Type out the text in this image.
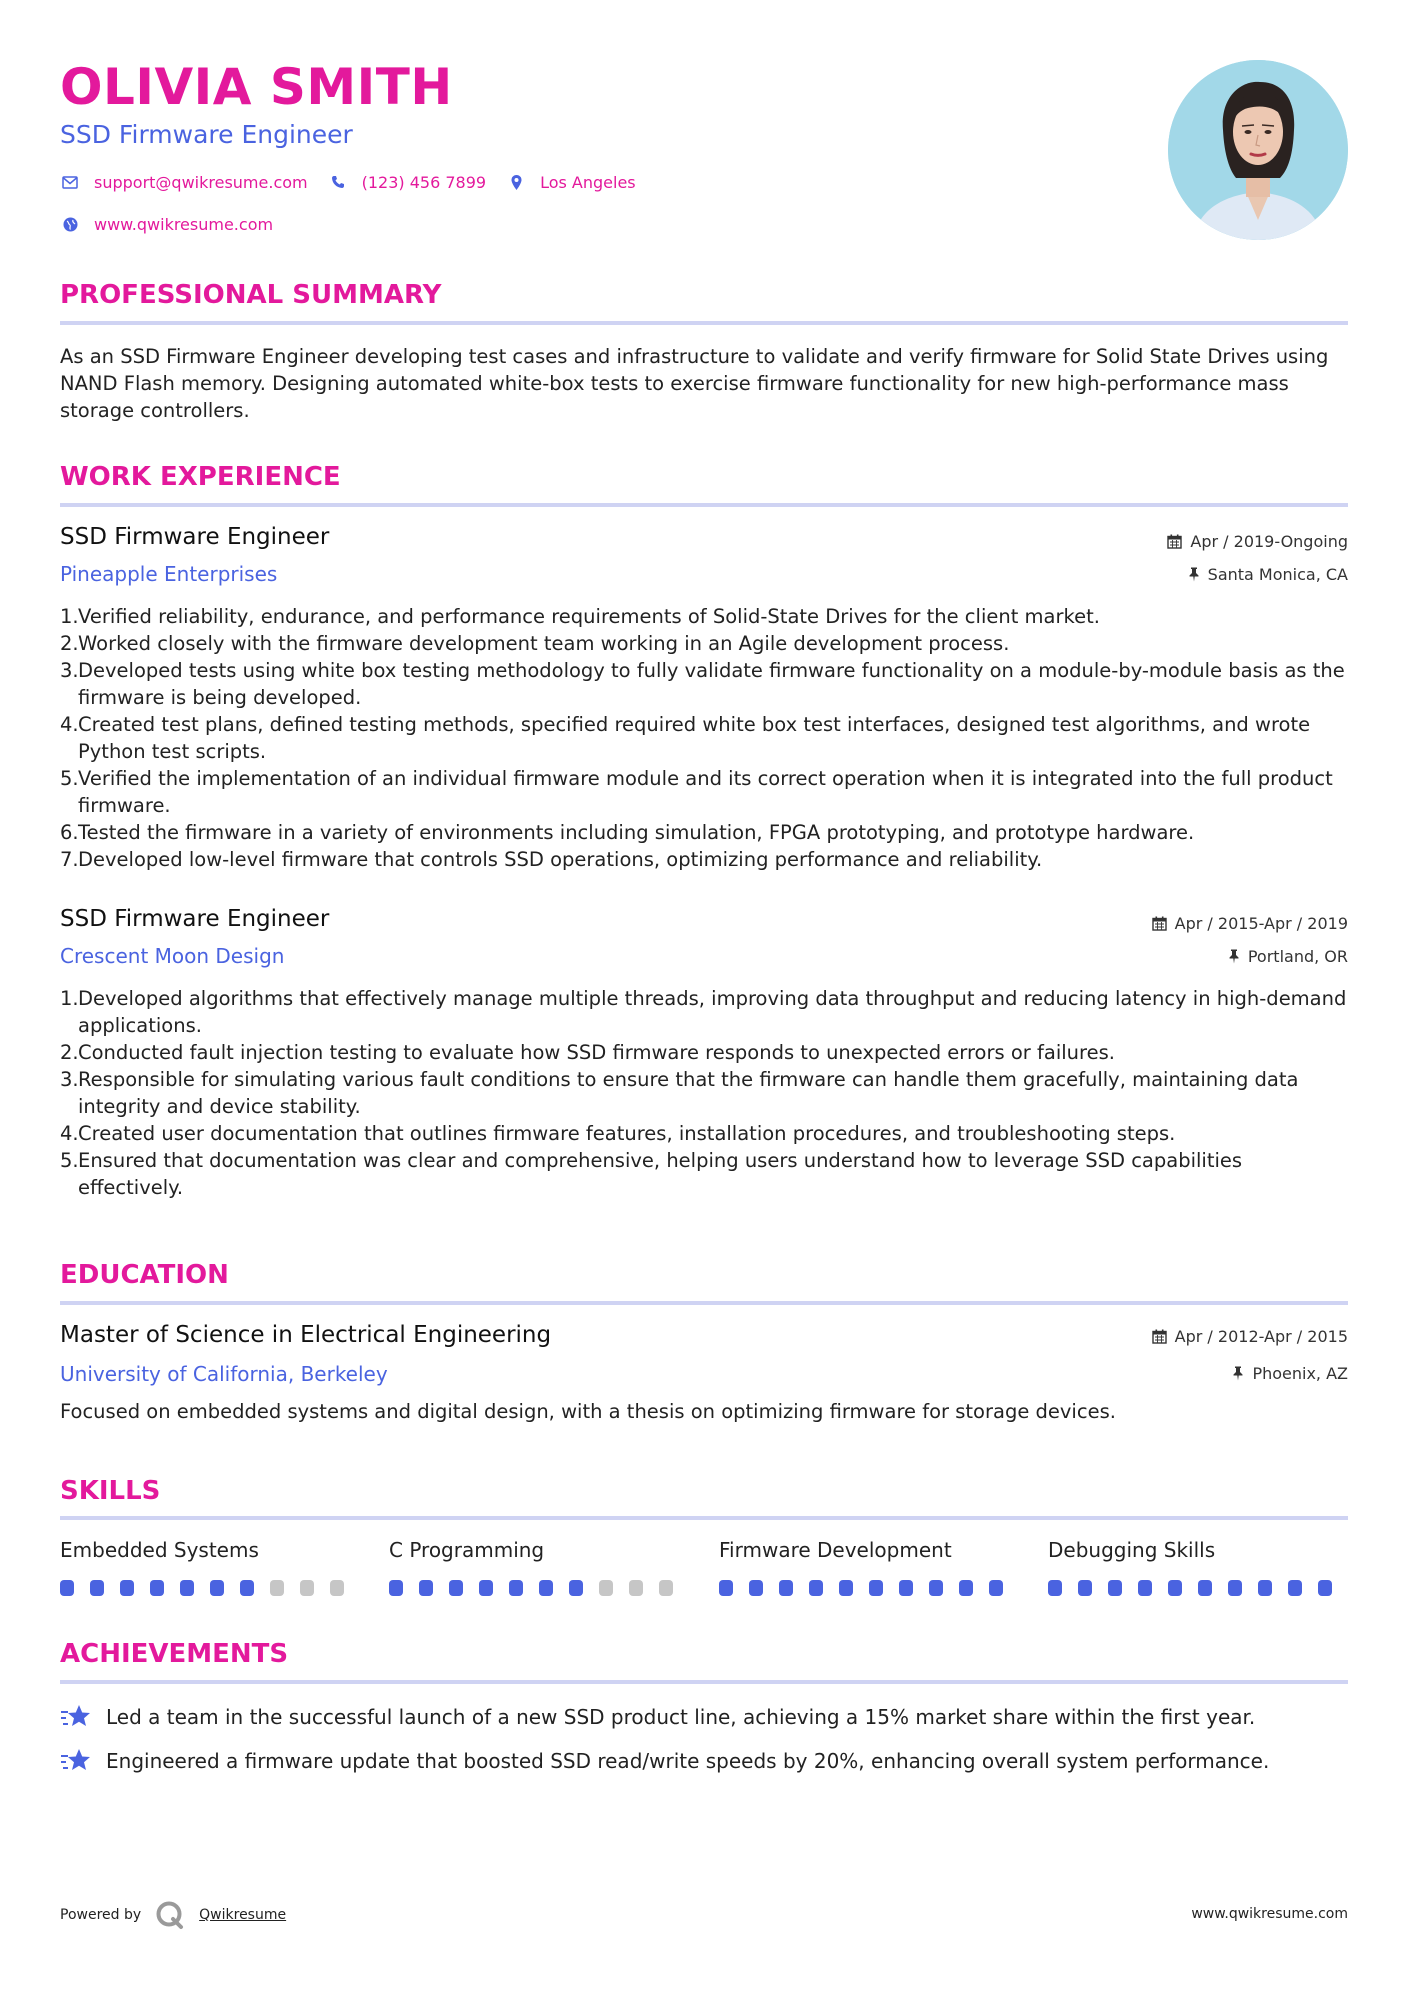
OLIVIA SMITH
SSD Firmware Engineer
support@qwikresume.com	(123) 456 7899	Los Angeles
www.qwikresume.com
PROFESSIONAL SUMMARY
As an SSD Firmware Engineer developing test cases and infrastructure to validate and verify firmware for Solid State Drives using NAND Flash memory. Designing automated white-box tests to exercise firmware functionality for new high-performance mass storage controllers.
WORK EXPERIENCE
SSD Firmware Engineer
Pineapple Enterprises
Apr / 2019-Ongoing
Santa Monica, CA
1. Verified reliability, endurance, and performance requirements of Solid-State Drives for the client market.
2. Worked closely with the firmware development team working in an Agile development process.
3. Developed tests using white box testing methodology to fully validate firmware functionality on a module-by-module basis as the firmware is being developed.
4. Created test plans, defined testing methods, specified required white box test interfaces, designed test algorithms, and wrote Python test scripts.
5. Verified the implementation of an individual firmware module and its correct operation when it is integrated into the full product firmware.
6. Tested the firmware in a variety of environments including simulation, FPGA prototyping, and prototype hardware.
7. Developed low-level firmware that controls SSD operations, optimizing performance and reliability.
SSD Firmware Engineer
Crescent Moon Design
Apr / 2015-Apr / 2019
Portland, OR
1. Developed algorithms that effectively manage multiple threads, improving data throughput and reducing latency in high-demand applications.
2. Conducted fault injection testing to evaluate how SSD firmware responds to unexpected errors or failures.
3. Responsible for simulating various fault conditions to ensure that the firmware can handle them gracefully, maintaining data integrity and device stability.
4. Created user documentation that outlines firmware features, installation procedures, and troubleshooting steps.
5. Ensured that documentation was clear and comprehensive, helping users understand how to leverage SSD capabilities effectively.
EDUCATION
Master of Science in Electrical Engineering
University of California, Berkeley
Apr / 2012-Apr / 2015
Phoenix, AZ
Focused on embedded systems and digital design, with a thesis on optimizing firmware for storage devices.
SKILLS
Embedded Systems	C Programming	Firmware Development	Debugging Skills
ACHIEVEMENTS
Led a team in the successful launch of a new SSD product line, achieving a 15% market share within the first year.
Engineered a firmware update that boosted SSD read/write speeds by 20%, enhancing overall system performance.
Powered by	Qwikresume	www.qwikresume.com
